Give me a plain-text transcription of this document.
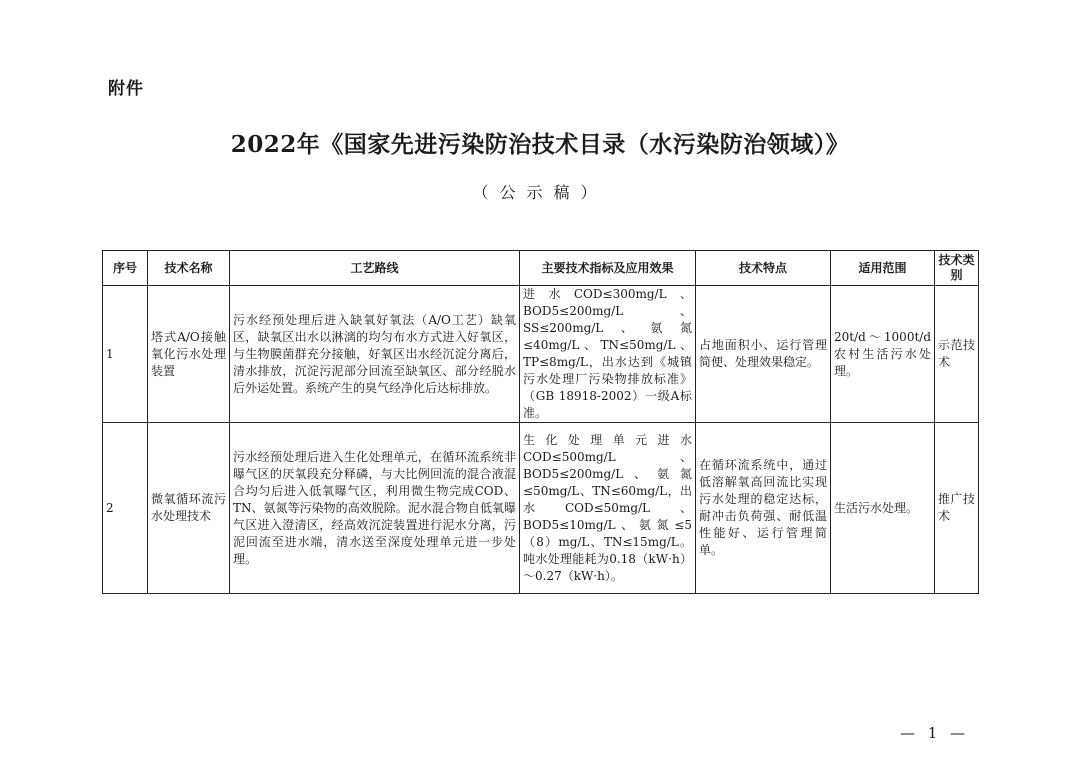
附件
2022年《国家先进污染防治技术目录（水污染防治领域）》
（公示稿）
序号	技术名称	工艺路线	主要技术指标及应用效果	技术特点	适用范围	技术类别
1	塔式A/O接触氧化污水处理装置	污水经预处理后进入缺氧好氧法（A/O工艺）缺氧区，缺氧区出水以淋漓的均匀布水方式进入好氧区，与生物膜菌群充分接触，好氧区出水经沉淀分离后，清水排放，沉淀污泥部分回流至缺氧区、部分经脱水后外运处置。系统产生的臭气经净化后达标排放。	进水COD≤300mg/L、BOD5≤200mg/L、SS≤200mg/L、氨氮≤40mg/L、TN≤50mg/L、TP≤8mg/L，出水达到《城镇污水处理厂污染物排放标准》（GB 18918-2002）一级A标准。	占地面积小、运行管理简便、处理效果稳定。	20t/d～1000t/d农村生活污水处理。	示范技术
2	微氧循环流污水处理技术	污水经预处理后进入生化处理单元，在循环流系统非曝气区的厌氧段充分释磷，与大比例回流的混合液混合均匀后进入低氧曝气区，利用微生物完成COD、TN、氨氮等污染物的高效脱除。泥水混合物自低氧曝气区进入澄清区，经高效沉淀装置进行泥水分离，污泥回流至进水端，清水送至深度处理单元进一步处理。	生化处理单元进水COD≤500mg/L、BOD5≤200mg/L、氨氮≤50mg/L、TN≤60mg/L，出水COD≤50mg/L、BOD5≤10mg/L、氨氮≤5（8）mg/L、TN≤15mg/L。吨水处理能耗为0.18（kW·h）～0.27（kW·h）。	在循环流系统中，通过低溶解氧高回流比实现污水处理的稳定达标，耐冲击负荷强、耐低温性能好、运行管理简单。	生活污水处理。	推广技术
— 1 —
